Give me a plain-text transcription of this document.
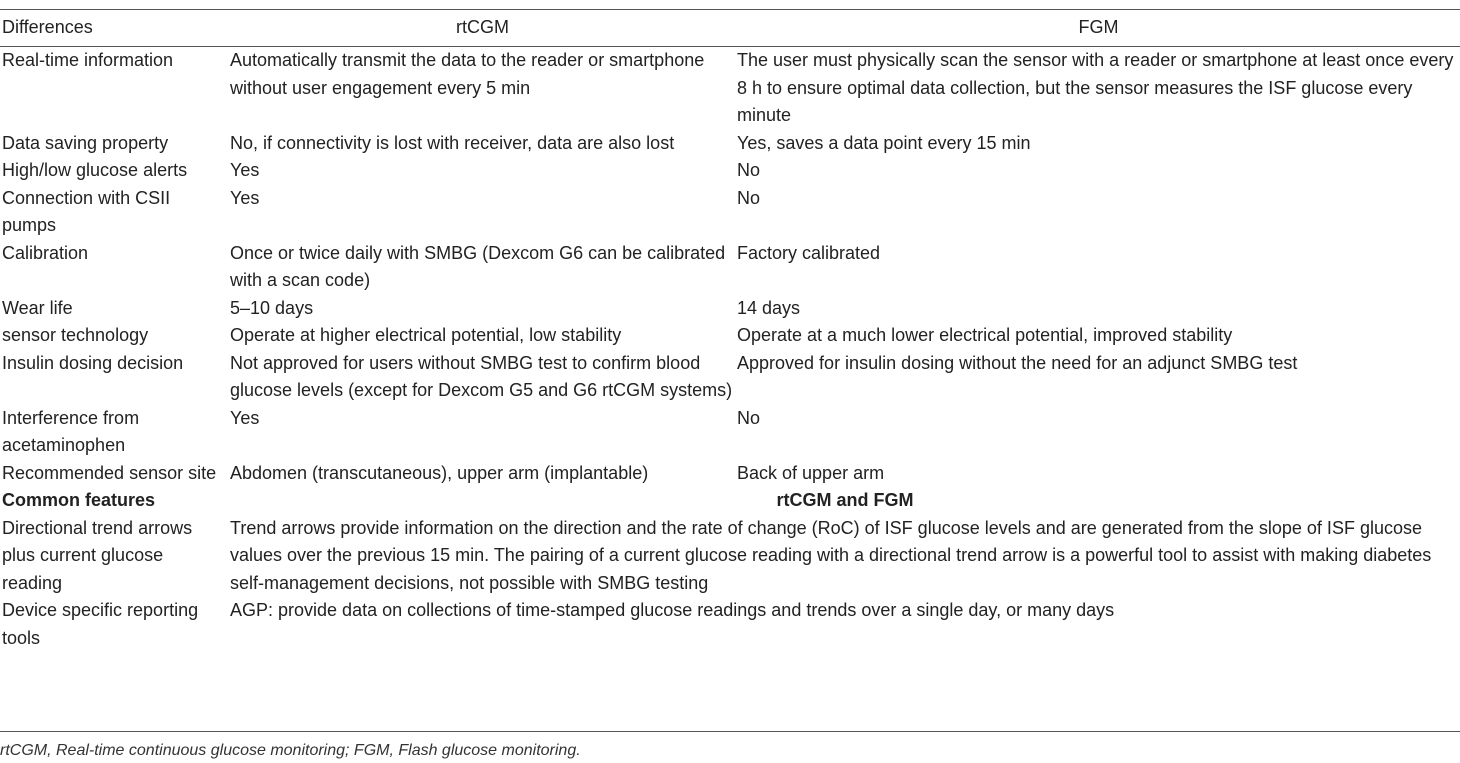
Differences	rtCGM	FGM
Real-time information	Automatically transmit the data to the reader or smartphone without user engagement every 5 min	The user must physically scan the sensor with a reader or smartphone at least once every 8 h to ensure optimal data collection, but the sensor measures the ISF glucose every minute
Data saving property	No, if connectivity is lost with receiver, data are also lost	Yes, saves a data point every 15 min
High/low glucose alerts	Yes	No
Connection with CSII pumps	Yes	No
Calibration	Once or twice daily with SMBG (Dexcom G6 can be calibrated with a scan code)	Factory calibrated
Wear life	5–10 days	14 days
sensor technology	Operate at higher electrical potential, low stability	Operate at a much lower electrical potential, improved stability
Insulin dosing decision	Not approved for users without SMBG test to confirm blood glucose levels (except for Dexcom G5 and G6 rtCGM systems)	Approved for insulin dosing without the need for an adjunct SMBG test
Interference from acetaminophen	Yes	No
Recommended sensor site	Abdomen (transcutaneous), upper arm (implantable)	Back of upper arm
Common features	rtCGM and FGM	
Directional trend arrows plus current glucose reading	Trend arrows provide information on the direction and the rate of change (RoC) of ISF glucose levels and are generated from the slope of ISF glucose values over the previous 15 min. The pairing of a current glucose reading with a directional trend arrow is a powerful tool to assist with making diabetes self-management decisions, not possible with SMBG testing	
Device specific reporting tools	AGP: provide data on collections of time-stamped glucose readings and trends over a single day, or many days	
rtCGM, Real-time continuous glucose monitoring; FGM, Flash glucose monitoring.
